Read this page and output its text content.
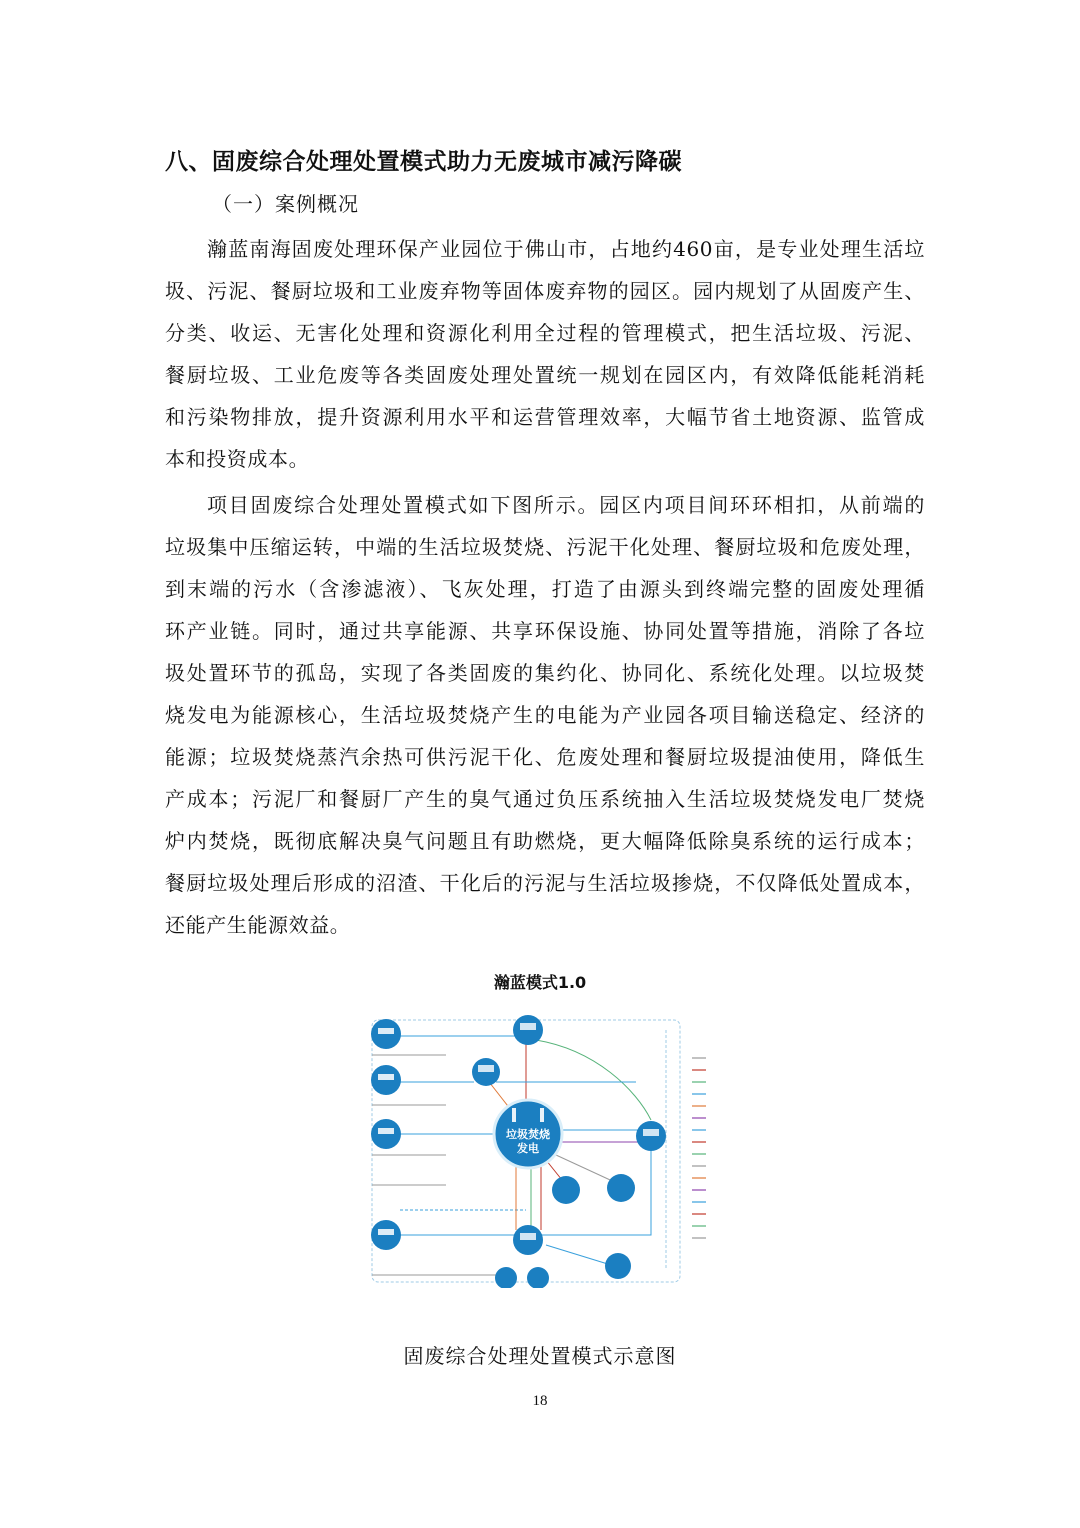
八、固废综合处理处置模式助力无废城市减污降碳
（一）案例概况
瀚蓝南海固废处理环保产业园位于佛山市，占地约460亩，是专业处理生活垃
圾、污泥、餐厨垃圾和工业废弃物等固体废弃物的园区。园内规划了从固废产生、
分类、收运、无害化处理和资源化利用全过程的管理模式，把生活垃圾、污泥、
餐厨垃圾、工业危废等各类固废处理处置统一规划在园区内，有效降低能耗消耗
和污染物排放，提升资源利用水平和运营管理效率，大幅节省土地资源、监管成
本和投资成本。
项目固废综合处理处置模式如下图所示。园区内项目间环环相扣，从前端的
垃圾集中压缩运转，中端的生活垃圾焚烧、污泥干化处理、餐厨垃圾和危废处理，
到末端的污水（含渗滤液）、飞灰处理，打造了由源头到终端完整的固废处理循
环产业链。同时，通过共享能源、共享环保设施、协同处置等措施，消除了各垃
圾处置环节的孤岛，实现了各类固废的集约化、协同化、系统化处理。以垃圾焚
烧发电为能源核心，生活垃圾焚烧产生的电能为产业园各项目输送稳定、经济的
能源；垃圾焚烧蒸汽余热可供污泥干化、危废处理和餐厨垃圾提油使用，降低生
产成本；污泥厂和餐厨厂产生的臭气通过负压系统抽入生活垃圾焚烧发电厂焚烧
炉内焚烧，既彻底解决臭气问题且有助燃烧，更大幅降低除臭系统的运行成本；
餐厨垃圾处理后形成的沼渣、干化后的污泥与生活垃圾掺烧，不仅降低处置成本，
还能产生能源效益。
瀚蓝模式1.0
垃圾焚烧
发电
固废综合处理处置模式示意图
18
